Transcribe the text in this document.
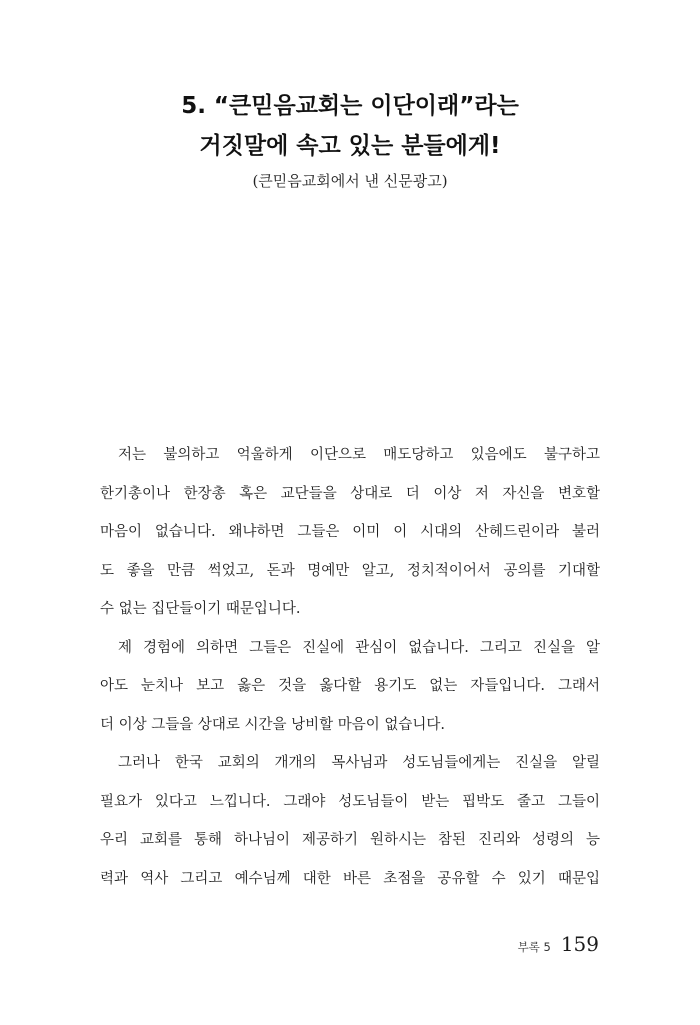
5. “큰믿음교회는 이단이래”라는
거짓말에 속고 있는 분들에게!
(큰믿음교회에서 낸 신문광고)
저는 불의하고 억울하게 이단으로 매도당하고 있음에도 불구하고
한기총이나 한장총 혹은 교단들을 상대로 더 이상 저 자신을 변호할
마음이 없습니다. 왜냐하면 그들은 이미 이 시대의 산헤드린이라 불러
도 좋을 만큼 썩었고, 돈과 명예만 알고, 정치적이어서 공의를 기대할
수 없는 집단들이기 때문입니다.
제 경험에 의하면 그들은 진실에 관심이 없습니다. 그리고 진실을 알
아도 눈치나 보고 옳은 것을 옳다할 용기도 없는 자들입니다. 그래서
더 이상 그들을 상대로 시간을 낭비할 마음이 없습니다.
그러나 한국 교회의 개개의 목사님과 성도님들에게는 진실을 알릴
필요가 있다고 느낍니다. 그래야 성도님들이 받는 핍박도 줄고 그들이
우리 교회를 통해 하나님이 제공하기 원하시는 참된 진리와 성령의 능
력과 역사 그리고 예수님께 대한 바른 초점을 공유할 수 있기 때문입
부록 5 159
